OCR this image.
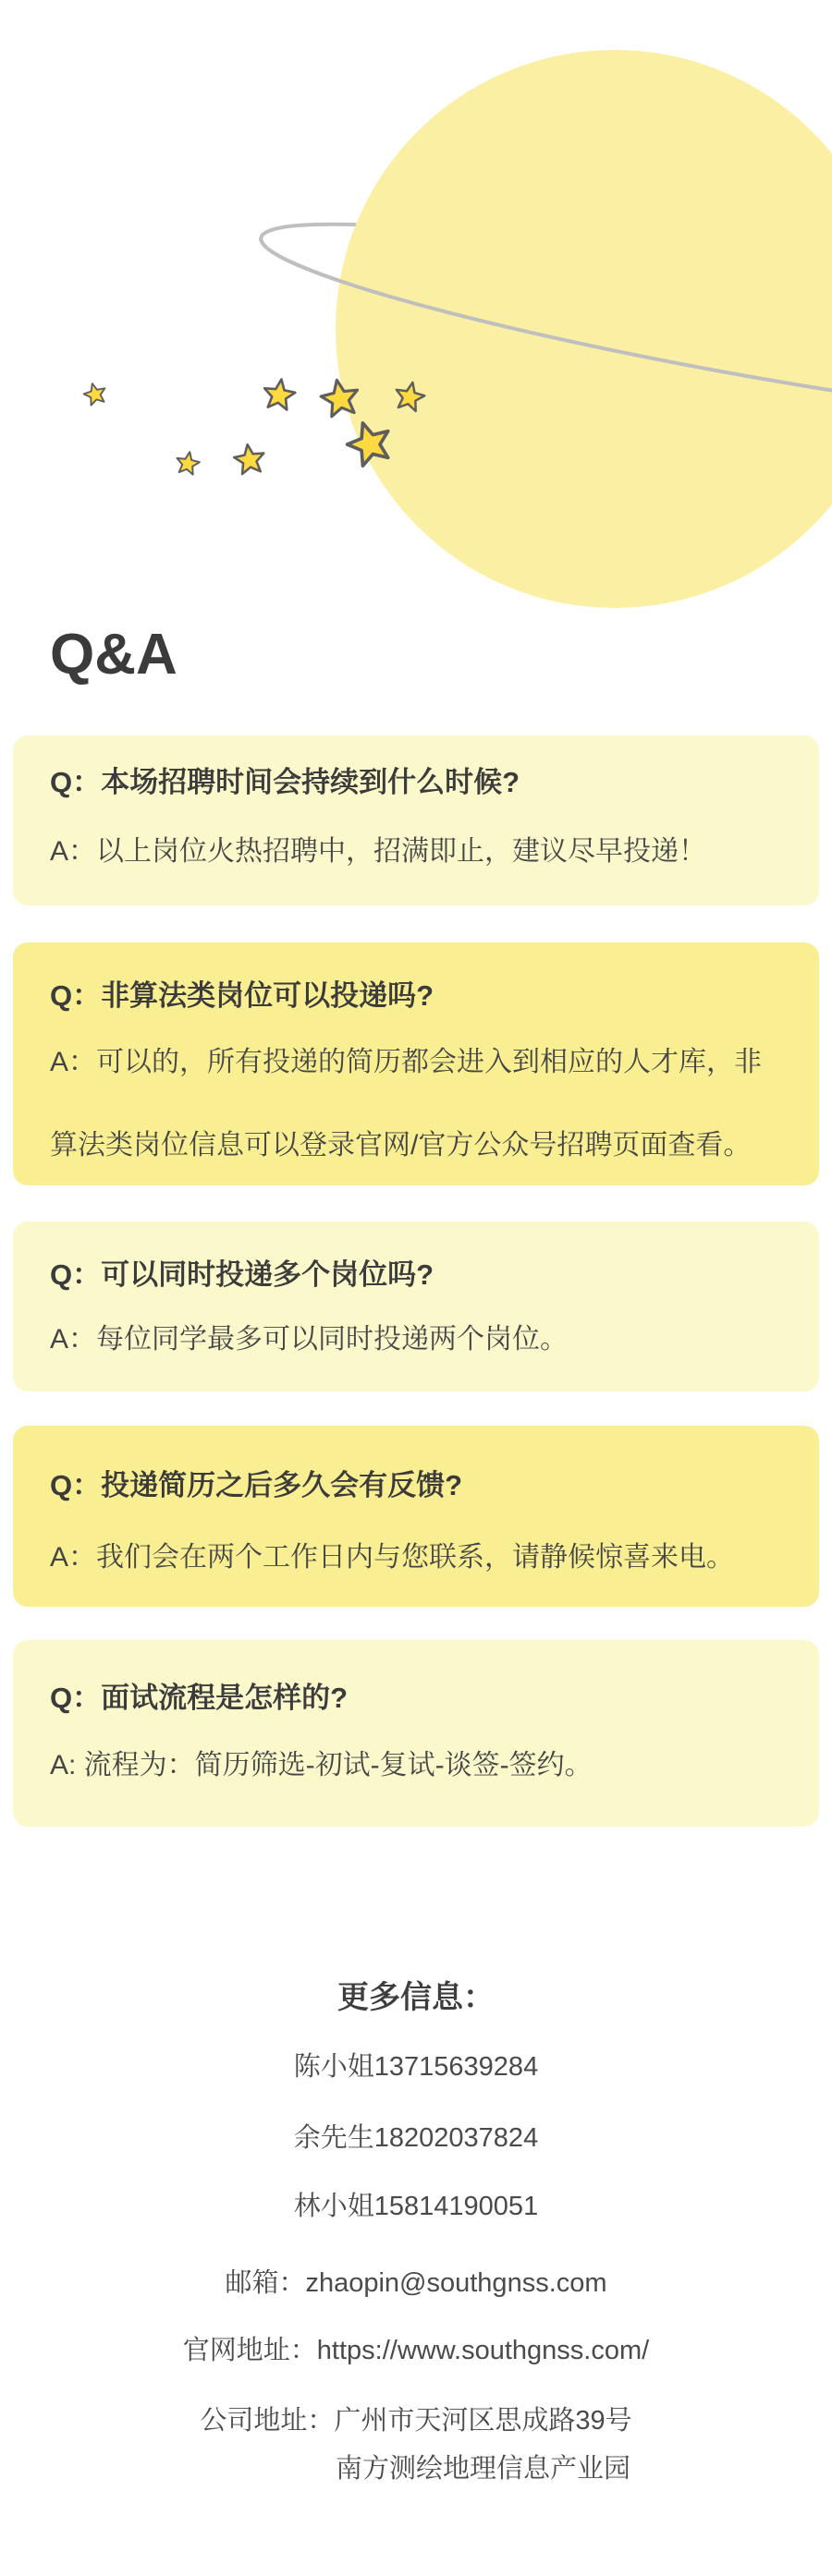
Q&A
Q：本场招聘时间会持续到什么时候?
A：以上岗位火热招聘中，招满即止，建议尽早投递！
Q：非算法类岗位可以投递吗?
A：可以的，所有投递的简历都会进入到相应的人才库，非
算法类岗位信息可以登录官网/官方公众号招聘页面查看。
Q：可以同时投递多个岗位吗?
A：每位同学最多可以同时投递两个岗位。
Q：投递简历之后多久会有反馈?
A：我们会在两个工作日内与您联系，请静候惊喜来电。
Q：面试流程是怎样的?
A: 流程为：简历筛选-初试-复试-谈签-签约。
更多信息：
陈小姐13715639284
余先生18202037824
林小姐15814190051
邮箱：zhaopin@southgnss.com
官网地址：https://www.southgnss.com/
公司地址： 广州市天河区思成路39号
南方测绘地理信息产业园
